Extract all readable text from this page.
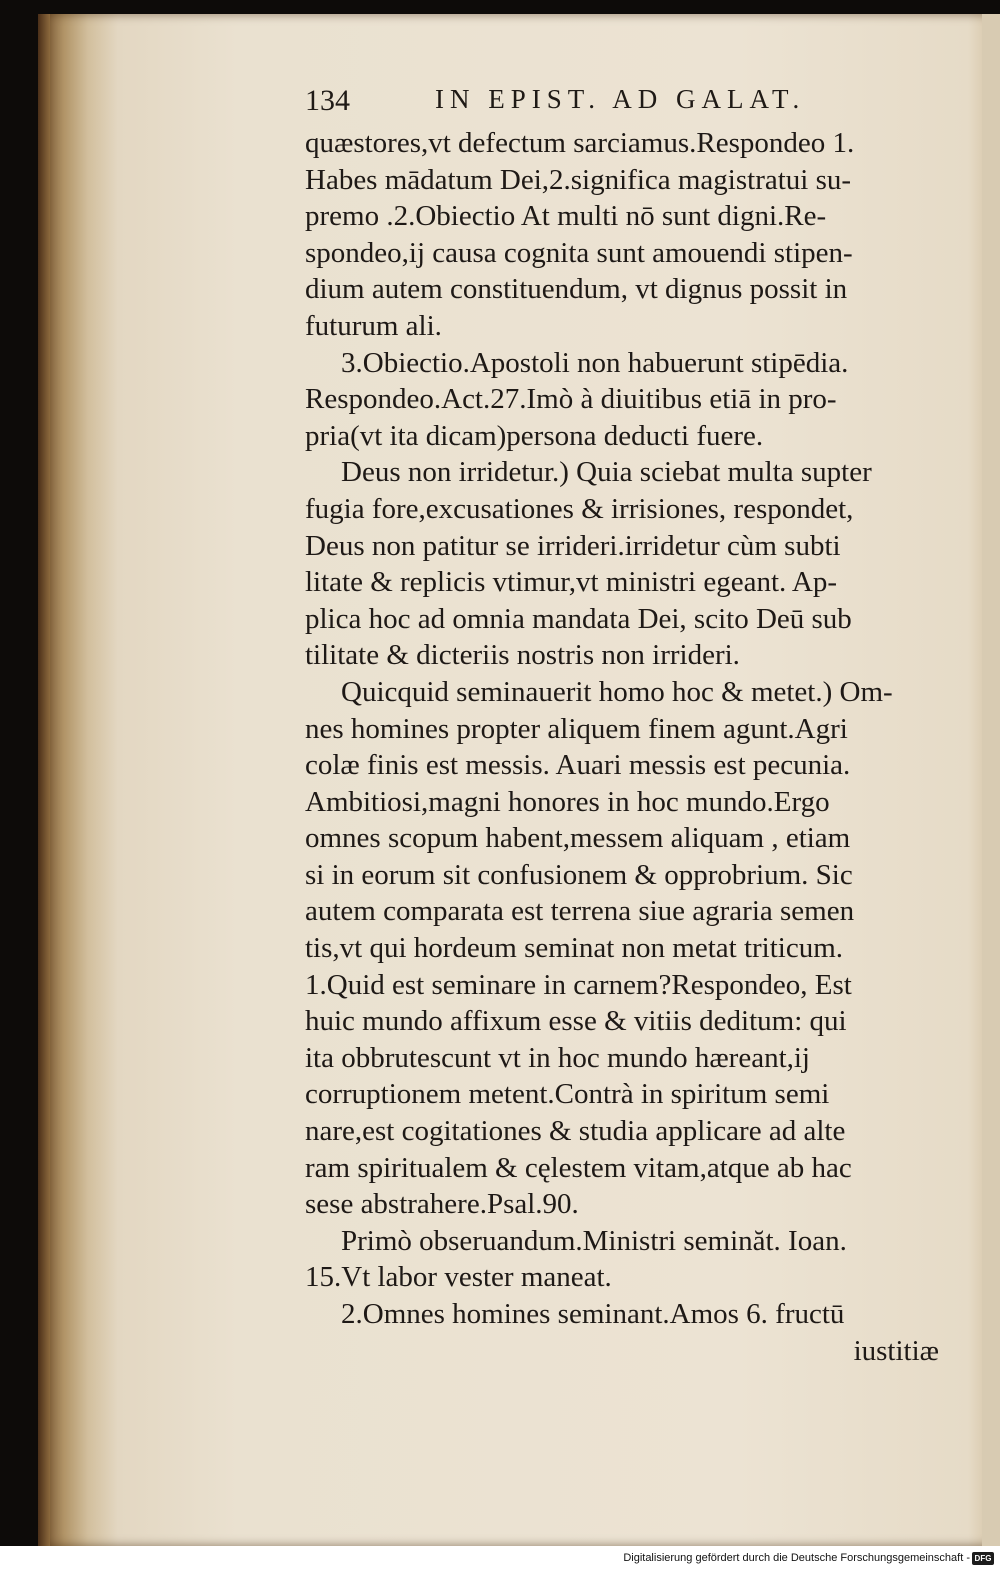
134	IN EPIST. AD GALAT.
quæstores,vt defectum sarciamus.Respondeo 1.
Habes mādatum Dei,2.significa magistratui su-
premo .2.Obiectio At multi nō sunt digni.Re-
spondeo,ij causa cognita sunt amouendi stipen-
dium autem constituendum, vt dignus possit in
futurum ali.
3.Obiectio.Apostoli non habuerunt stipēdia.
Respondeo.Act.27.Imò à diuitibus etiā in pro-
pria(vt ita dicam)persona deducti fuere.
Deus non irridetur.) Quia sciebat multa supter
fugia fore,excusationes & irrisiones, respondet,
Deus non patitur se irrideri.irridetur cùm subti
litate & replicis vtimur,vt ministri egeant. Ap-
plica hoc ad omnia mandata Dei, scito Deū sub
tilitate & dicteriis nostris non irrideri.
Quicquid seminauerit homo hoc & metet.) Om-
nes homines propter aliquem finem agunt.Agri
colæ finis est messis. Auari messis est pecunia.
Ambitiosi,magni honores in hoc mundo.Ergo
omnes scopum habent,messem aliquam , etiam
si in eorum sit confusionem & opprobrium. Sic
autem comparata est terrena siue agraria semen
tis,vt qui hordeum seminat non metat triticum.
1.Quid est seminare in carnem?Respondeo, Est
huic mundo affixum esse & vitiis deditum: qui
ita obbrutescunt vt in hoc mundo hæreant,ij
corruptionem metent.Contrà in spiritum semi
nare,est cogitationes & studia applicare ad alte
ram spiritualem & cęlestem vitam,atque ab hac
sese abstrahere.Psal.90.
Primò obseruandum.Ministri seminăt. Ioan.
15.Vt labor vester maneat.
2.Omnes homines seminant.Amos 6. fructū
iustitiæ
Digitalisierung gefördert durch die Deutsche Forschungsgemeinschaft - DFG
